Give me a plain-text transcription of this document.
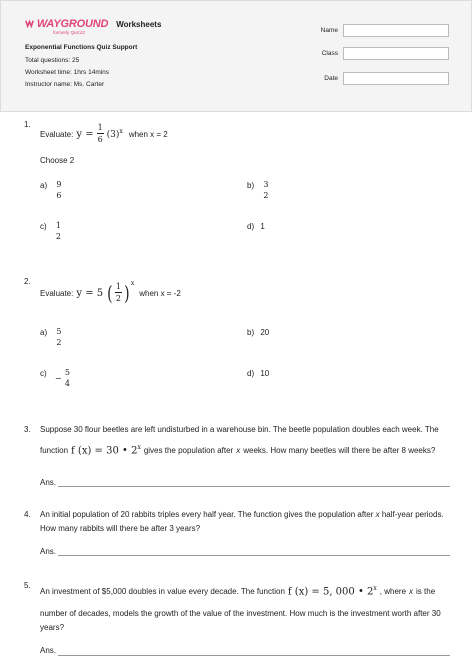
WAYGROUND
formerly Quizizz
Worksheets
Exponential Functions Quiz Support
Total questions: 25
Worksheet time: 1hrs 14mins
Instructor name: Ms. Carter
Name
Class
Date
1.
Evaluate: $y = \frac{1}{6} (3)^x$ when x = 2
Choose 2
a) 9
6
b) 3
2
c) 1
2
d) 1
2.
Evaluate: y = 5 ( $\frac{1}{2}$ ) x
when x = -2
a) 5
2
b) 20
c) −
5
4
d) 10
3. Suppose 30 flour beetles are left undisturbed in a warehouse bin. The beetle population doubles each week. The
function f (x) = 30 • 2$^x$ gives the population after x weeks. How many beetles will there be after 8 weeks?
Ans.
4. An initial population of 20 rabbits triples every half year. The function gives the population after x half-year periods.
How many rabbits will there be after 3 years?
Ans.
5.
An investment of $5,000 doubles in value every decade. The function f (x) = 5, 000 • 2$^x$ , where x is the
number of decades, models the growth of the value of the investment. How much is the investment worth after 30
years?
Ans.
